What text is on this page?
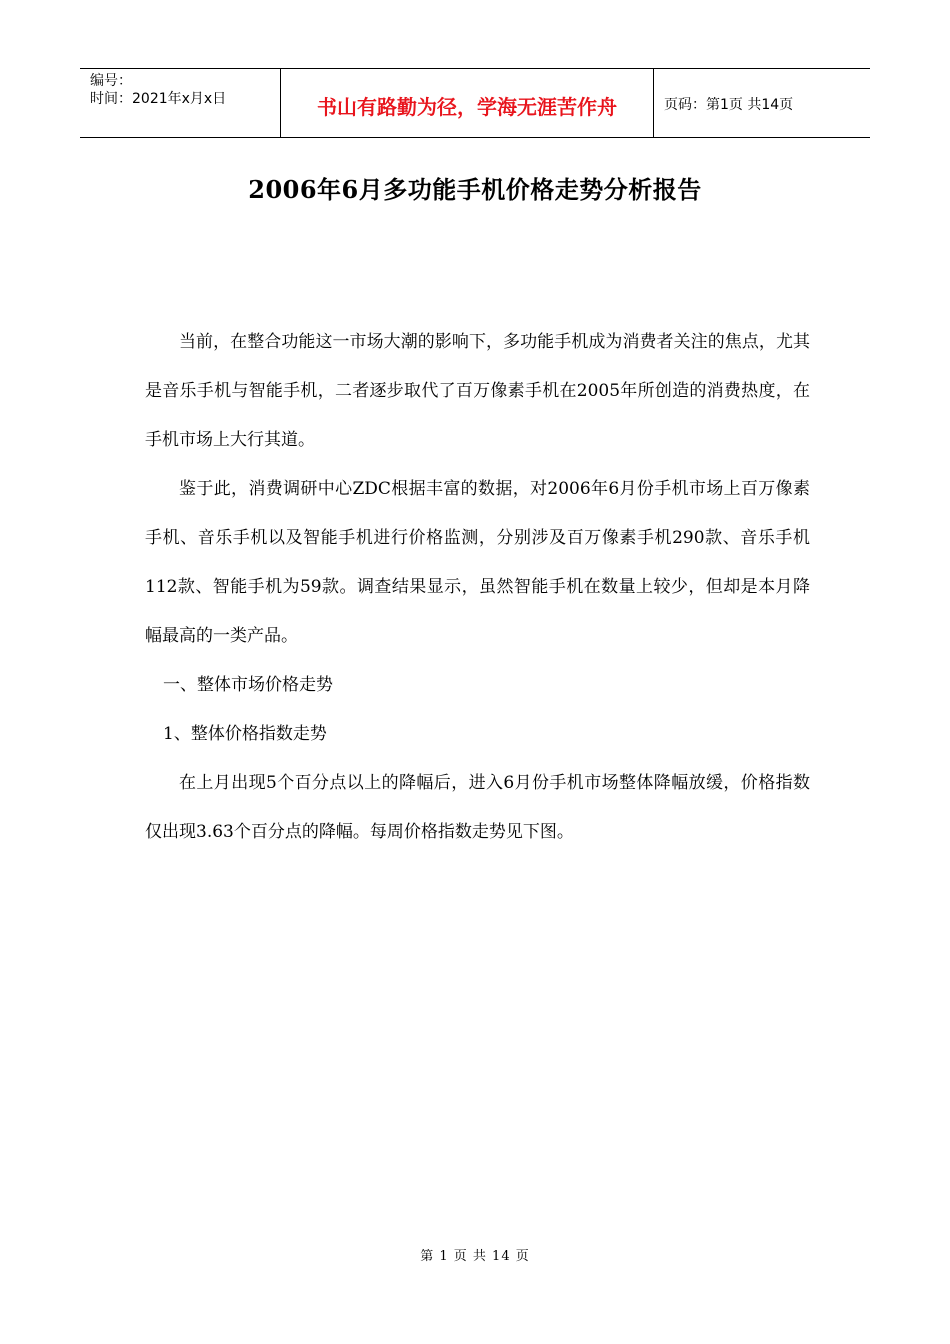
编号：
时间：2021年x月x日	书山有路勤为径，学海无涯苦作舟	页码：第1页 共14页
2006年6月多功能手机价格走势分析报告

当前，在整合功能这一市场大潮的影响下，多功能手机成为消费者关注的焦点，尤其是音乐手机与智能手机，二者逐步取代了百万像素手机在2005年所创造的消费热度，在手机市场上大行其道。

鉴于此，消费调研中心ZDC根据丰富的数据，对2006年6月份手机市场上百万像素手机、音乐手机以及智能手机进行价格监测，分别涉及百万像素手机290款、音乐手机112款、智能手机为59款。调查结果显示，虽然智能手机在数量上较少，但却是本月降幅最高的一类产品。

一、整体市场价格走势

1、整体价格指数走势

在上月出现5个百分点以上的降幅后，进入6月份手机市场整体降幅放缓，价格指数仅出现3.63个百分点的降幅。每周价格指数走势见下图。

第 1 页 共 14 页
